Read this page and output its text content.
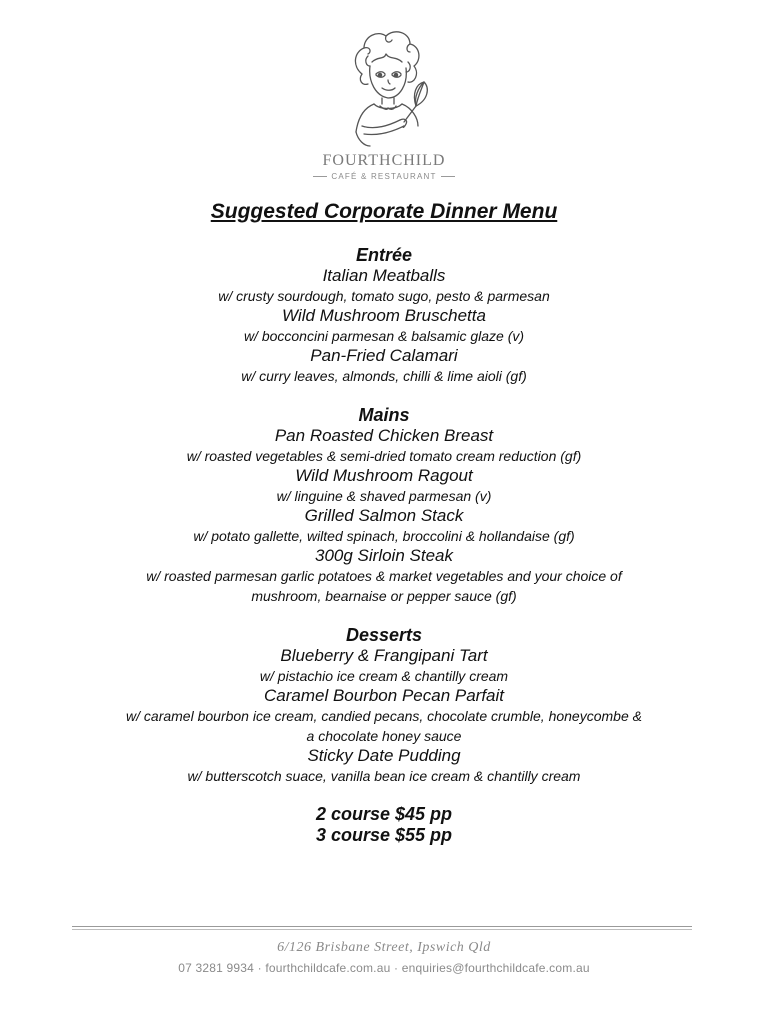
FOURTHCHILD
CAFÉ & RESTAURANT
Suggested Corporate Dinner Menu
Entrée
Italian Meatballs
w/ crusty sourdough, tomato sugo, pesto & parmesan
Wild Mushroom Bruschetta
w/ bocconcini parmesan & balsamic glaze (v)
Pan-Fried Calamari
w/ curry leaves, almonds, chilli & lime aioli (gf)
Mains
Pan Roasted Chicken Breast
w/ roasted vegetables & semi-dried tomato cream reduction (gf)
Wild Mushroom Ragout
w/ linguine & shaved parmesan (v)
Grilled Salmon Stack
w/ potato gallette, wilted spinach, broccolini & hollandaise (gf)
300g Sirloin Steak
w/ roasted parmesan garlic potatoes & market vegetables and your choice of
mushroom, bearnaise or pepper sauce (gf)
Desserts
Blueberry & Frangipani Tart
w/ pistachio ice cream & chantilly cream
Caramel Bourbon Pecan Parfait
w/ caramel bourbon ice cream, candied pecans, chocolate crumble, honeycombe &
a chocolate honey sauce
Sticky Date Pudding
w/ butterscotch suace, vanilla bean ice cream & chantilly cream
2 course $45 pp
3 course $55 pp
6/126 Brisbane Street, Ipswich Qld
07 3281 9934 · fourthchildcafe.com.au · enquiries@fourthchildcafe.com.au
